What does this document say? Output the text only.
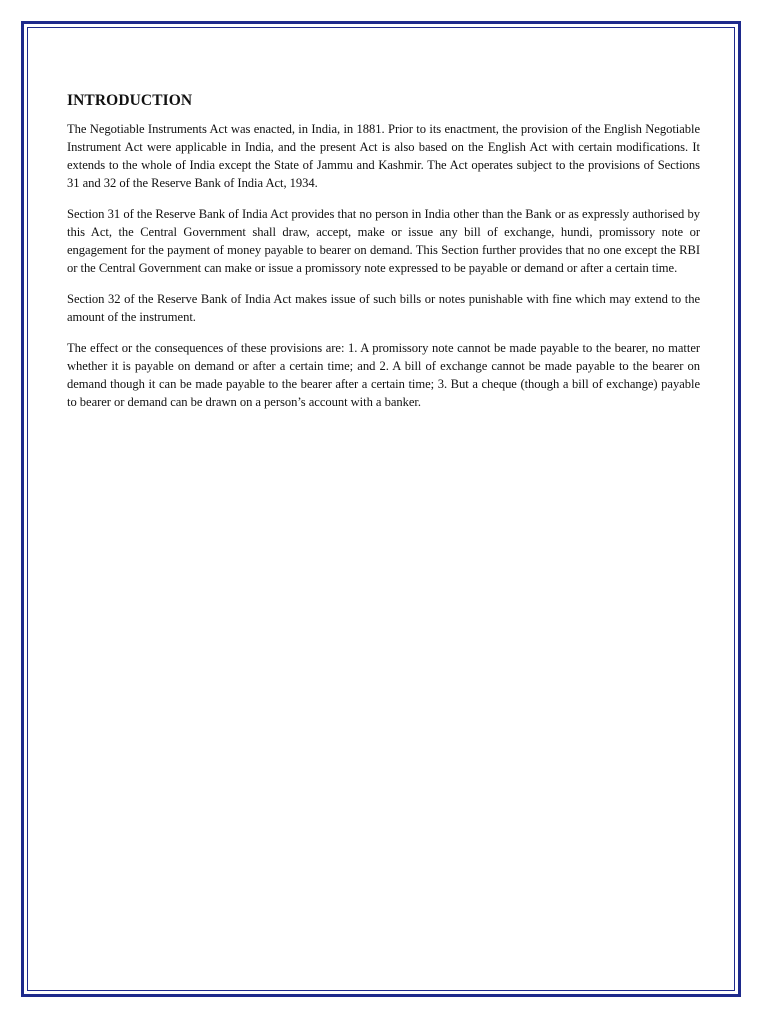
INTRODUCTION

The Negotiable Instruments Act was enacted, in India, in 1881. Prior to its enactment, the provision of the English Negotiable Instrument Act were applicable in India, and the present Act is also based on the English Act with certain modifications. It extends to the whole of India except the State of Jammu and Kashmir. The Act operates subject to the provisions of Sections 31 and 32 of the Reserve Bank of India Act, 1934.

Section 31 of the Reserve Bank of India Act provides that no person in India other than the Bank or as expressly authorised by this Act, the Central Government shall draw, accept, make or issue any bill of exchange, hundi, promissory note or engagement for the payment of money payable to bearer on demand. This Section further provides that no one except the RBI or the Central Government can make or issue a promissory note expressed to be payable or demand or after a certain time.

Section 32 of the Reserve Bank of India Act makes issue of such bills or notes punishable with fine which may extend to the amount of the instrument.

The effect or the consequences of these provisions are: 1. A promissory note cannot be made payable to the bearer, no matter whether it is payable on demand or after a certain time; and 2. A bill of exchange cannot be made payable to the bearer on demand though it can be made payable to the bearer after a certain time; 3. But a cheque (though a bill of exchange) payable to bearer or demand can be drawn on a person’s account with a banker.
